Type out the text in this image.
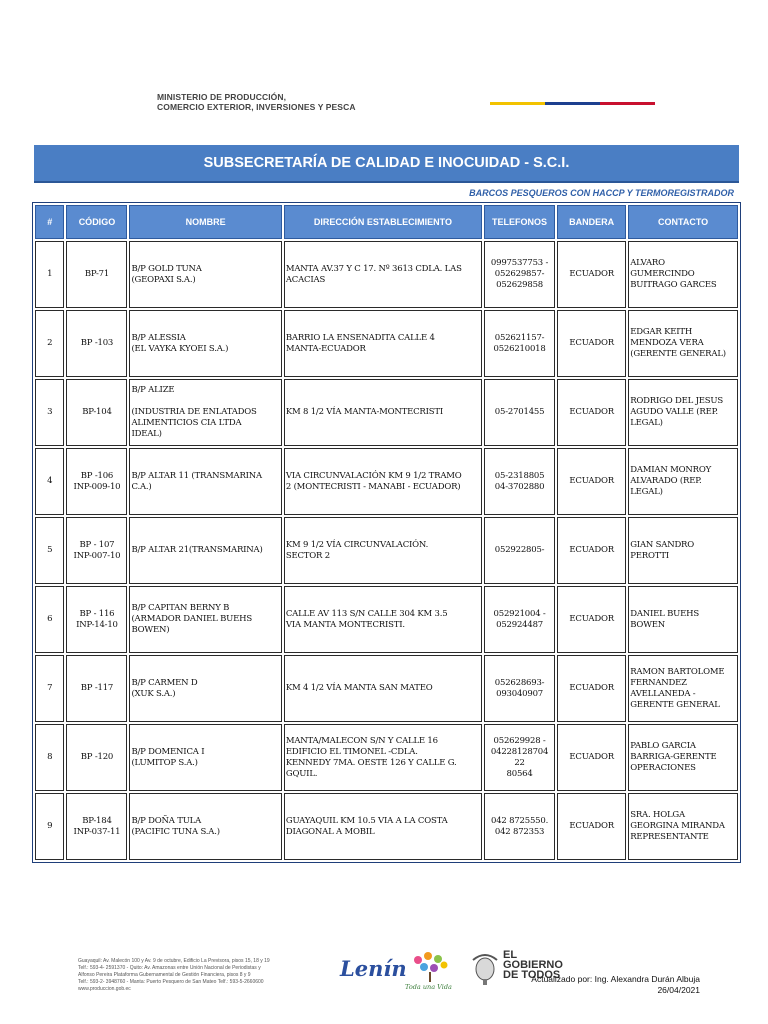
MINISTERIO DE PRODUCCIÓN,
COMERCIO EXTERIOR, INVERSIONES Y PESCA
SUBSECRETARÍA DE CALIDAD E INOCUIDAD - S.C.I.
BARCOS PESQUEROS CON HACCP Y TERMOREGISTRADOR
#	CÓDIGO	NOMBRE	DIRECCIÓN ESTABLECIMIENTO	TELEFONOS	BANDERA	CONTACTO
1	BP-71	B/P GOLD TUNA
(GEOPAXI S.A.)	MANTA AV.37 Y C 17. Nº 3613 CDLA. LAS
ACACIAS	0997537753 -
052629857-
052629858	ECUADOR	ALVARO
GUMERCINDO
BUITRAGO GARCES

2	BP -103	B/P ALESSIA
(EL VAYKA KYOEI S.A.)	BARRIO LA ENSENADITA CALLE 4
MANTA-ECUADOR	052621157-
0526210018	ECUADOR	EDGAR KEITH
MENDOZA VERA
(GERENTE GENERAL)

3	BP-104	B/P ALIZE

(INDUSTRIA DE ENLATADOS
ALIMENTICIOS CIA LTDA
IDEAL)	KM 8 1/2 VÍA MANTA-MONTECRISTI	05-2701455	ECUADOR	RODRIGO DEL JESUS
AGUDO VALLE (REP.
LEGAL)

4	BP -106
INP-009-10	B/P ALTAR 11 (TRANSMARINA
C.A.)	VIA CIRCUNVALACIÓN KM 9 1/2 TRAMO
2 (MONTECRISTI - MANABI - ECUADOR)	05-2318805
04-3702880	ECUADOR	DAMIAN MONROY
ALVARADO (REP.
LEGAL)

5	BP - 107
INP-007-10	B/P ALTAR 21(TRANSMARINA)	KM 9 1/2 VÍA CIRCUNVALACIÓN.
SECTOR 2	052922805-	ECUADOR	GIAN SANDRO
PEROTTI

6	BP - 116
INP-14-10	B/P CAPITAN BERNY B
(ARMADOR DANIEL BUEHS
BOWEN)	CALLE AV 113 S/N CALLE 304 KM 3.5
VIA MANTA MONTECRISTI.	052921004 -
052924487	ECUADOR	DANIEL BUEHS
BOWEN

7	BP -117	B/P CARMEN D
(XUK S.A.)	KM 4 1/2 VÍA MANTA SAN MATEO	052628693-
093040907	ECUADOR	RAMON BARTOLOME
FERNANDEZ
AVELLANEDA -
GERENTE GENERAL

8	BP -120	B/P DOMENICA I
(LUMITOP S.A.)	MANTA/MALECON S/N Y CALLE 16
EDIFICIO EL TIMONEL -CDLA.
KENNEDY 7MA. OESTE 126 Y CALLE G.
GQUIL.	052629928 -
04228128704 22
80564	ECUADOR	PABLO GARCIA
BARRIGA-GERENTE
OPERACIONES

9	BP-184
INP-037-11	B/P DOÑA TULA
(PACIFIC TUNA S.A.)	GUAYAQUIL KM 10.5 VIA A LA COSTA
DIAGONAL A MOBIL	042 8725550.
042 872353	ECUADOR	SRA. HOLGA
GEORGINA MIRANDA
REPRESENTANTE
Guayaquil: Av. Malecón 100 y Av. 9 de octubre, Edificio La Previsora, pisos 15, 18 y 19
Telf.: 593-4- 2591370 - Quito: Av. Amazonas entre Unión Nacional de Periodistas y
Alfonso Pereira Plataforma Gubernamental de Gestión Financiera, pisos 8 y 9
Telf.: 593-2- 3948760 - Manta: Puerto Pesquero de San Mateo Telf.: 593-5-2660600
www.produccion.gob.ec
Lenín
Toda una Vida
EL
GOBIERNO
DE TODOS
Actualizado por: Ing. Alexandra Durán Albuja
26/04/2021
